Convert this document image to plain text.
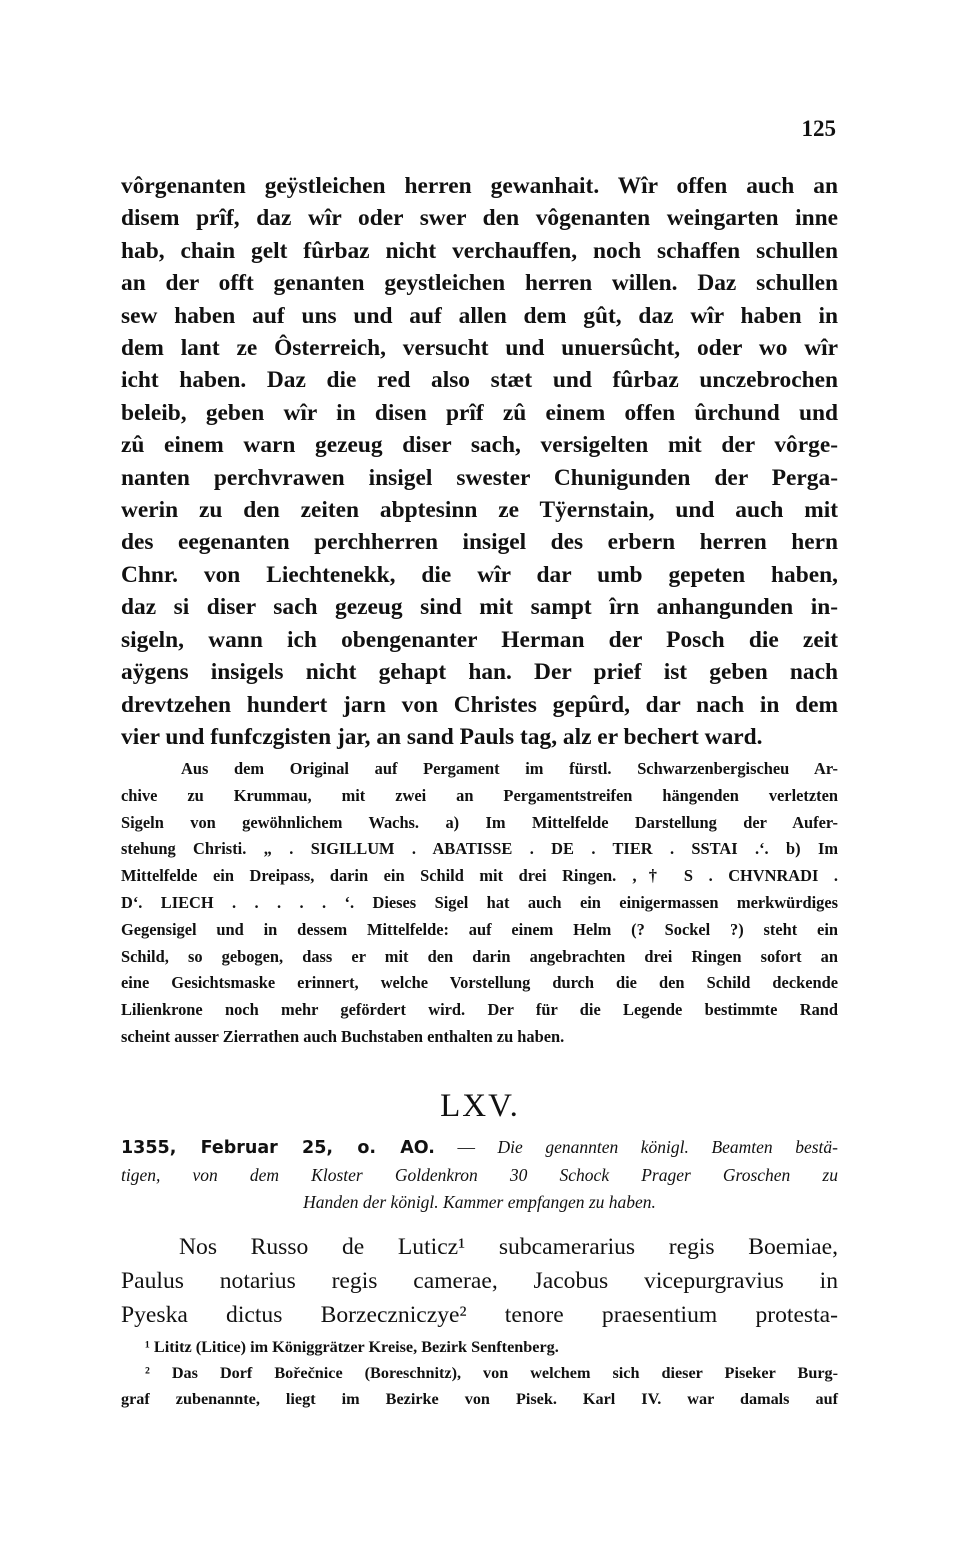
125
vôrgenanten geÿstleichen herren gewanhait. Wîr offen auch an
disem prîf, daz wîr oder swer den vôgenanten weingarten inne
hab, chain gelt fûrbaz nicht verchauffen, noch schaffen schullen
an der offt genanten geystleichen herren willen. Daz schullen
sew haben auf uns und auf allen dem gût, daz wîr haben in
dem lant ze Ôsterreich, versucht und unuersûcht, oder wo wîr
icht haben. Daz die red also stæt und fûrbaz unczebrochen
beleib, geben wîr in disen prîf zû einem offen ûrchund und
zû einem warn gezeug diser sach, versigelten mit der vôrge-
nanten perchvrawen insigel swester Chunigunden der Perga-
werin zu den zeiten abptesinn ze Tÿernstain, und auch mit
des eegenanten perchherren insigel des erbern herren hern
Chnr. von Liechtenekk, die wîr dar umb gepeten haben,
daz si diser sach gezeug sind mit sampt îrn anhangunden in-
sigeln, wann ich obengenanter Herman der Posch die zeit
aÿgens insigels nicht gehapt han. Der prief ist geben nach
drevtzehen hundert jarn von Christes gepûrd, dar nach in dem
vier und funfczgisten jar, an sand Pauls tag, alz er bechert ward.
Aus dem Original auf Pergament im fürstl. Schwarzenbergischeu Ar-
chive zu Krummau, mit zwei an Pergamentstreifen hängenden verletzten
Sigeln von gewöhnlichem Wachs. a) Im Mittelfelde Darstellung der Aufer-
stehung Christi. „ . SIGILLUM . ABATISSE . DE . TIER . SSTAI .‘. b) Im
Mittelfelde ein Dreipass, darin ein Schild mit drei Ringen. ‚† S . CHVNRADI .
D‘. LIECH . . . . . ‘. Dieses Sigel hat auch ein einigermassen merkwürdiges
Gegensigel und in dessem Mittelfelde: auf einem Helm (? Sockel ?) steht ein
Schild, so gebogen, dass er mit den darin angebrachten drei Ringen sofort an
eine Gesichtsmaske erinnert, welche Vorstellung durch die den Schild deckende
Lilienkrone noch mehr gefördert wird. Der für die Legende bestimmte Rand
scheint ausser Zierrathen auch Buchstaben enthalten zu haben.
LXV.
1355, Februar 25, o. AO. — Die genannten königl. Beamten bestä-
tigen, von dem Kloster Goldenkron 30 Schock Prager Groschen zu
Handen der königl. Kammer empfangen zu haben.
Nos Russo de Luticz¹ subcamerarius regis Boemiae,
Paulus notarius regis camerae, Jacobus vicepurgravius in
Pyeska dictus Borzeczniczye² tenore praesentium protesta-
¹ Lititz (Litice) im Königgrätzer Kreise, Bezirk Senftenberg.
² Das Dorf Bořečnice (Boreschnitz), von welchem sich dieser Piseker Burg-
graf zubenannte, liegt im Bezirke von Pisek. Karl IV. war damals auf
